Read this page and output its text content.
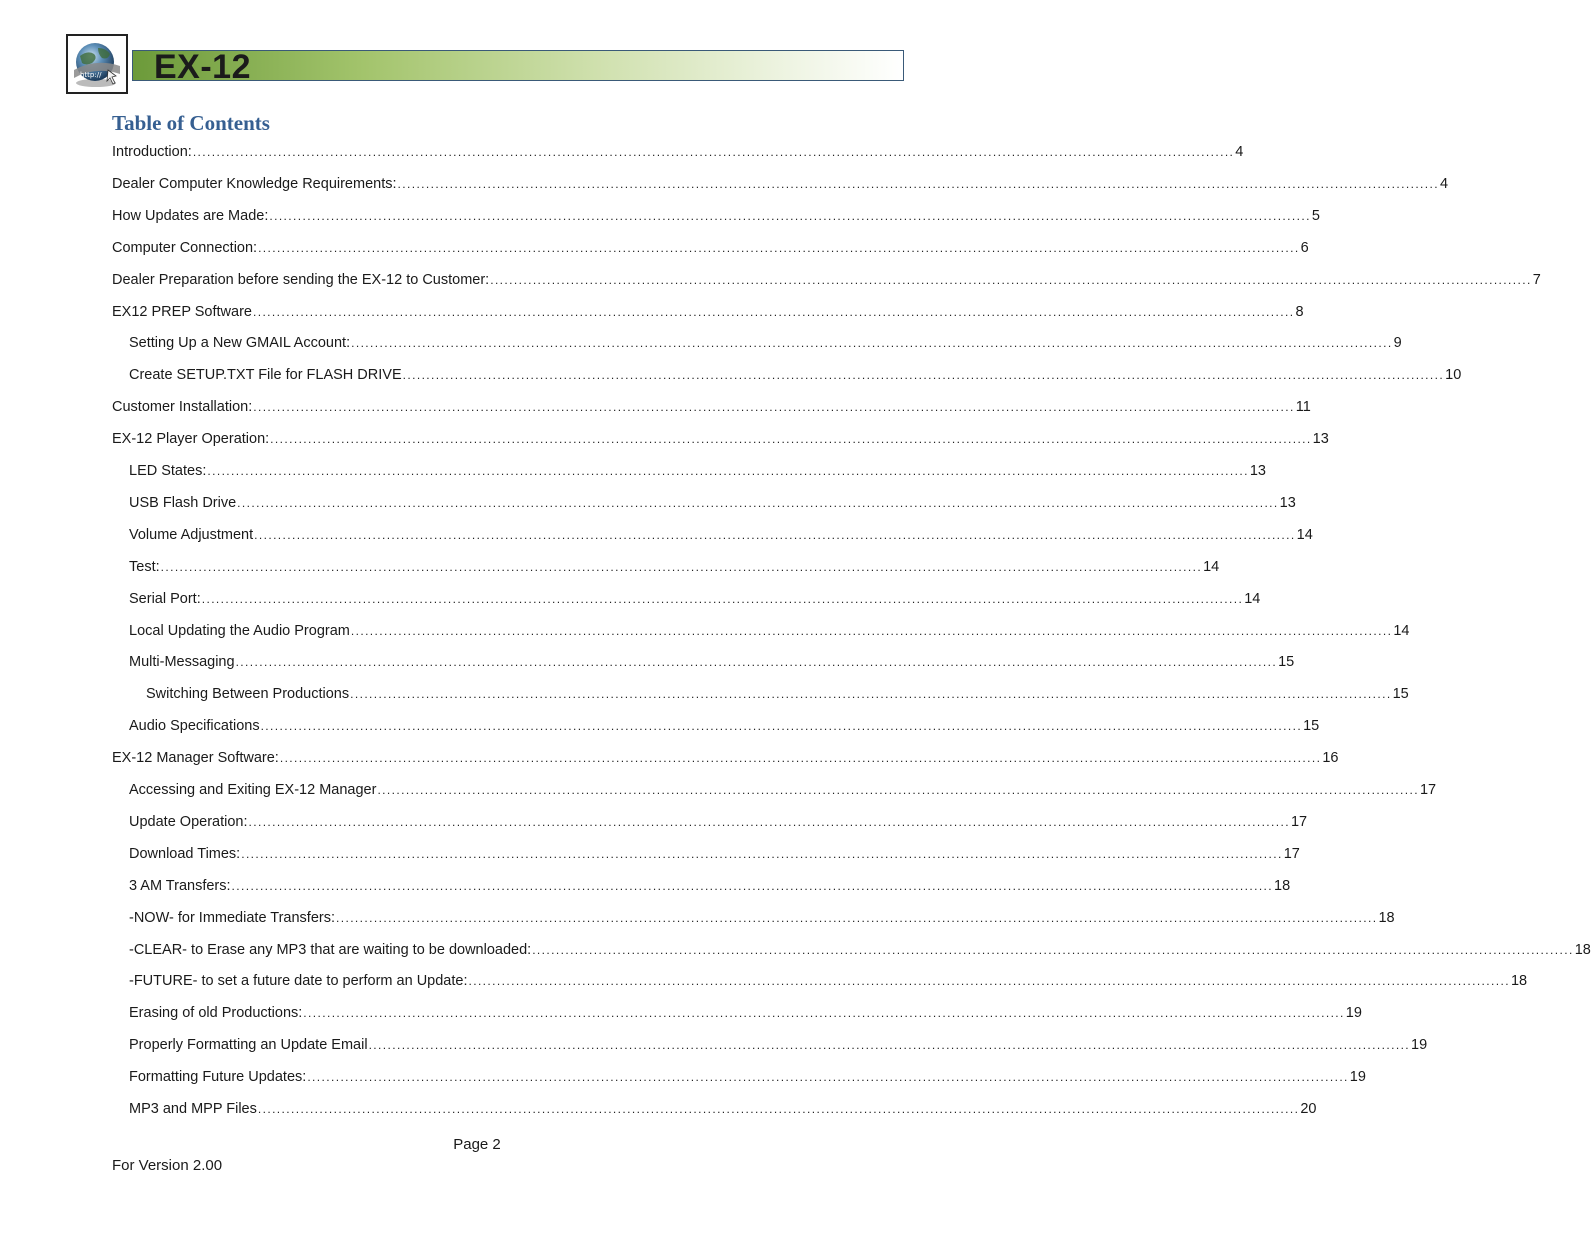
http:// EX-12
Table of Contents
Introduction: ............................................................................................................................................................................................................................ 4
Dealer Computer Knowledge Requirements: ............................................................................................................................................................................................................................ 4
How Updates are Made: ............................................................................................................................................................................................................................ 5
Computer Connection: ............................................................................................................................................................................................................................ 6
Dealer Preparation before sending the EX-12 to Customer: ............................................................................................................................................................................................................................ 7
EX12 PREP Software ............................................................................................................................................................................................................................ 8
Setting Up a New GMAIL Account: ............................................................................................................................................................................................................................ 9
Create SETUP.TXT File for FLASH DRIVE ............................................................................................................................................................................................................................ 10
Customer Installation: ............................................................................................................................................................................................................................ 11
EX-12 Player Operation: ............................................................................................................................................................................................................................ 13
LED States: ............................................................................................................................................................................................................................ 13
USB Flash Drive ............................................................................................................................................................................................................................ 13
Volume Adjustment ............................................................................................................................................................................................................................ 14
Test: ............................................................................................................................................................................................................................ 14
Serial Port: ............................................................................................................................................................................................................................ 14
Local Updating the Audio Program ............................................................................................................................................................................................................................ 14
Multi-Messaging ............................................................................................................................................................................................................................ 15
Switching Between Productions ............................................................................................................................................................................................................................ 15
Audio Specifications ............................................................................................................................................................................................................................ 15
EX-12 Manager Software: ............................................................................................................................................................................................................................ 16
Accessing and Exiting EX-12 Manager ............................................................................................................................................................................................................................ 17
Update Operation: ............................................................................................................................................................................................................................ 17
Download Times: ............................................................................................................................................................................................................................ 17
3 AM Transfers: ............................................................................................................................................................................................................................ 18
-NOW- for Immediate Transfers: ............................................................................................................................................................................................................................ 18
-CLEAR- to Erase any MP3 that are waiting to be downloaded: ............................................................................................................................................................................................................................ 18
-FUTURE- to set a future date to perform an Update: ............................................................................................................................................................................................................................ 18
Erasing of old Productions: ............................................................................................................................................................................................................................ 19
Properly Formatting an Update Email ............................................................................................................................................................................................................................ 19
Formatting Future Updates: ............................................................................................................................................................................................................................ 19
MP3 and MPP Files ............................................................................................................................................................................................................................ 20
Page 2
For Version 2.00
